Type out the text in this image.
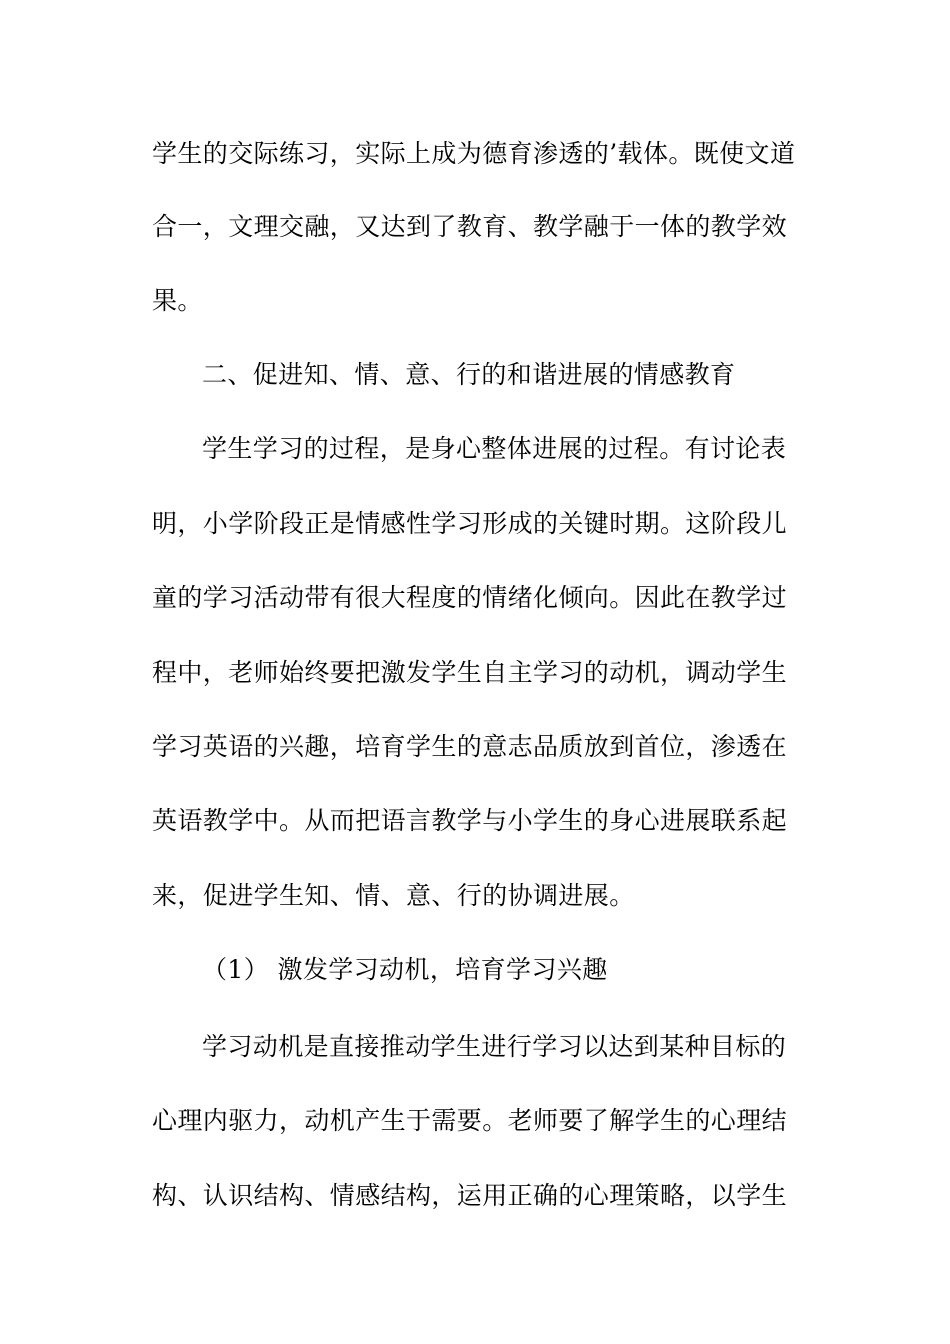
学生的交际练习，实际上成为德育渗透的’载体。既使文道
合一，文理交融，又达到了教育、教学融于一体的教学效
果。
二、促进知、情、意、行的和谐进展的情感教育
学生学习的过程，是身心整体进展的过程。有讨论表
明，小学阶段正是情感性学习形成的关键时期。这阶段儿
童的学习活动带有很大程度的情绪化倾向。因此在教学过
程中，老师始终要把激发学生自主学习的动机，调动学生
学习英语的兴趣，培育学生的意志品质放到首位，渗透在
英语教学中。从而把语言教学与小学生的身心进展联系起
来，促进学生知、情、意、行的协调进展。
（1） 激发学习动机，培育学习兴趣
学习动机是直接推动学生进行学习以达到某种目标的
心理内驱力，动机产生于需要。老师要了解学生的心理结
构、认识结构、情感结构，运用正确的心理策略，以学生
